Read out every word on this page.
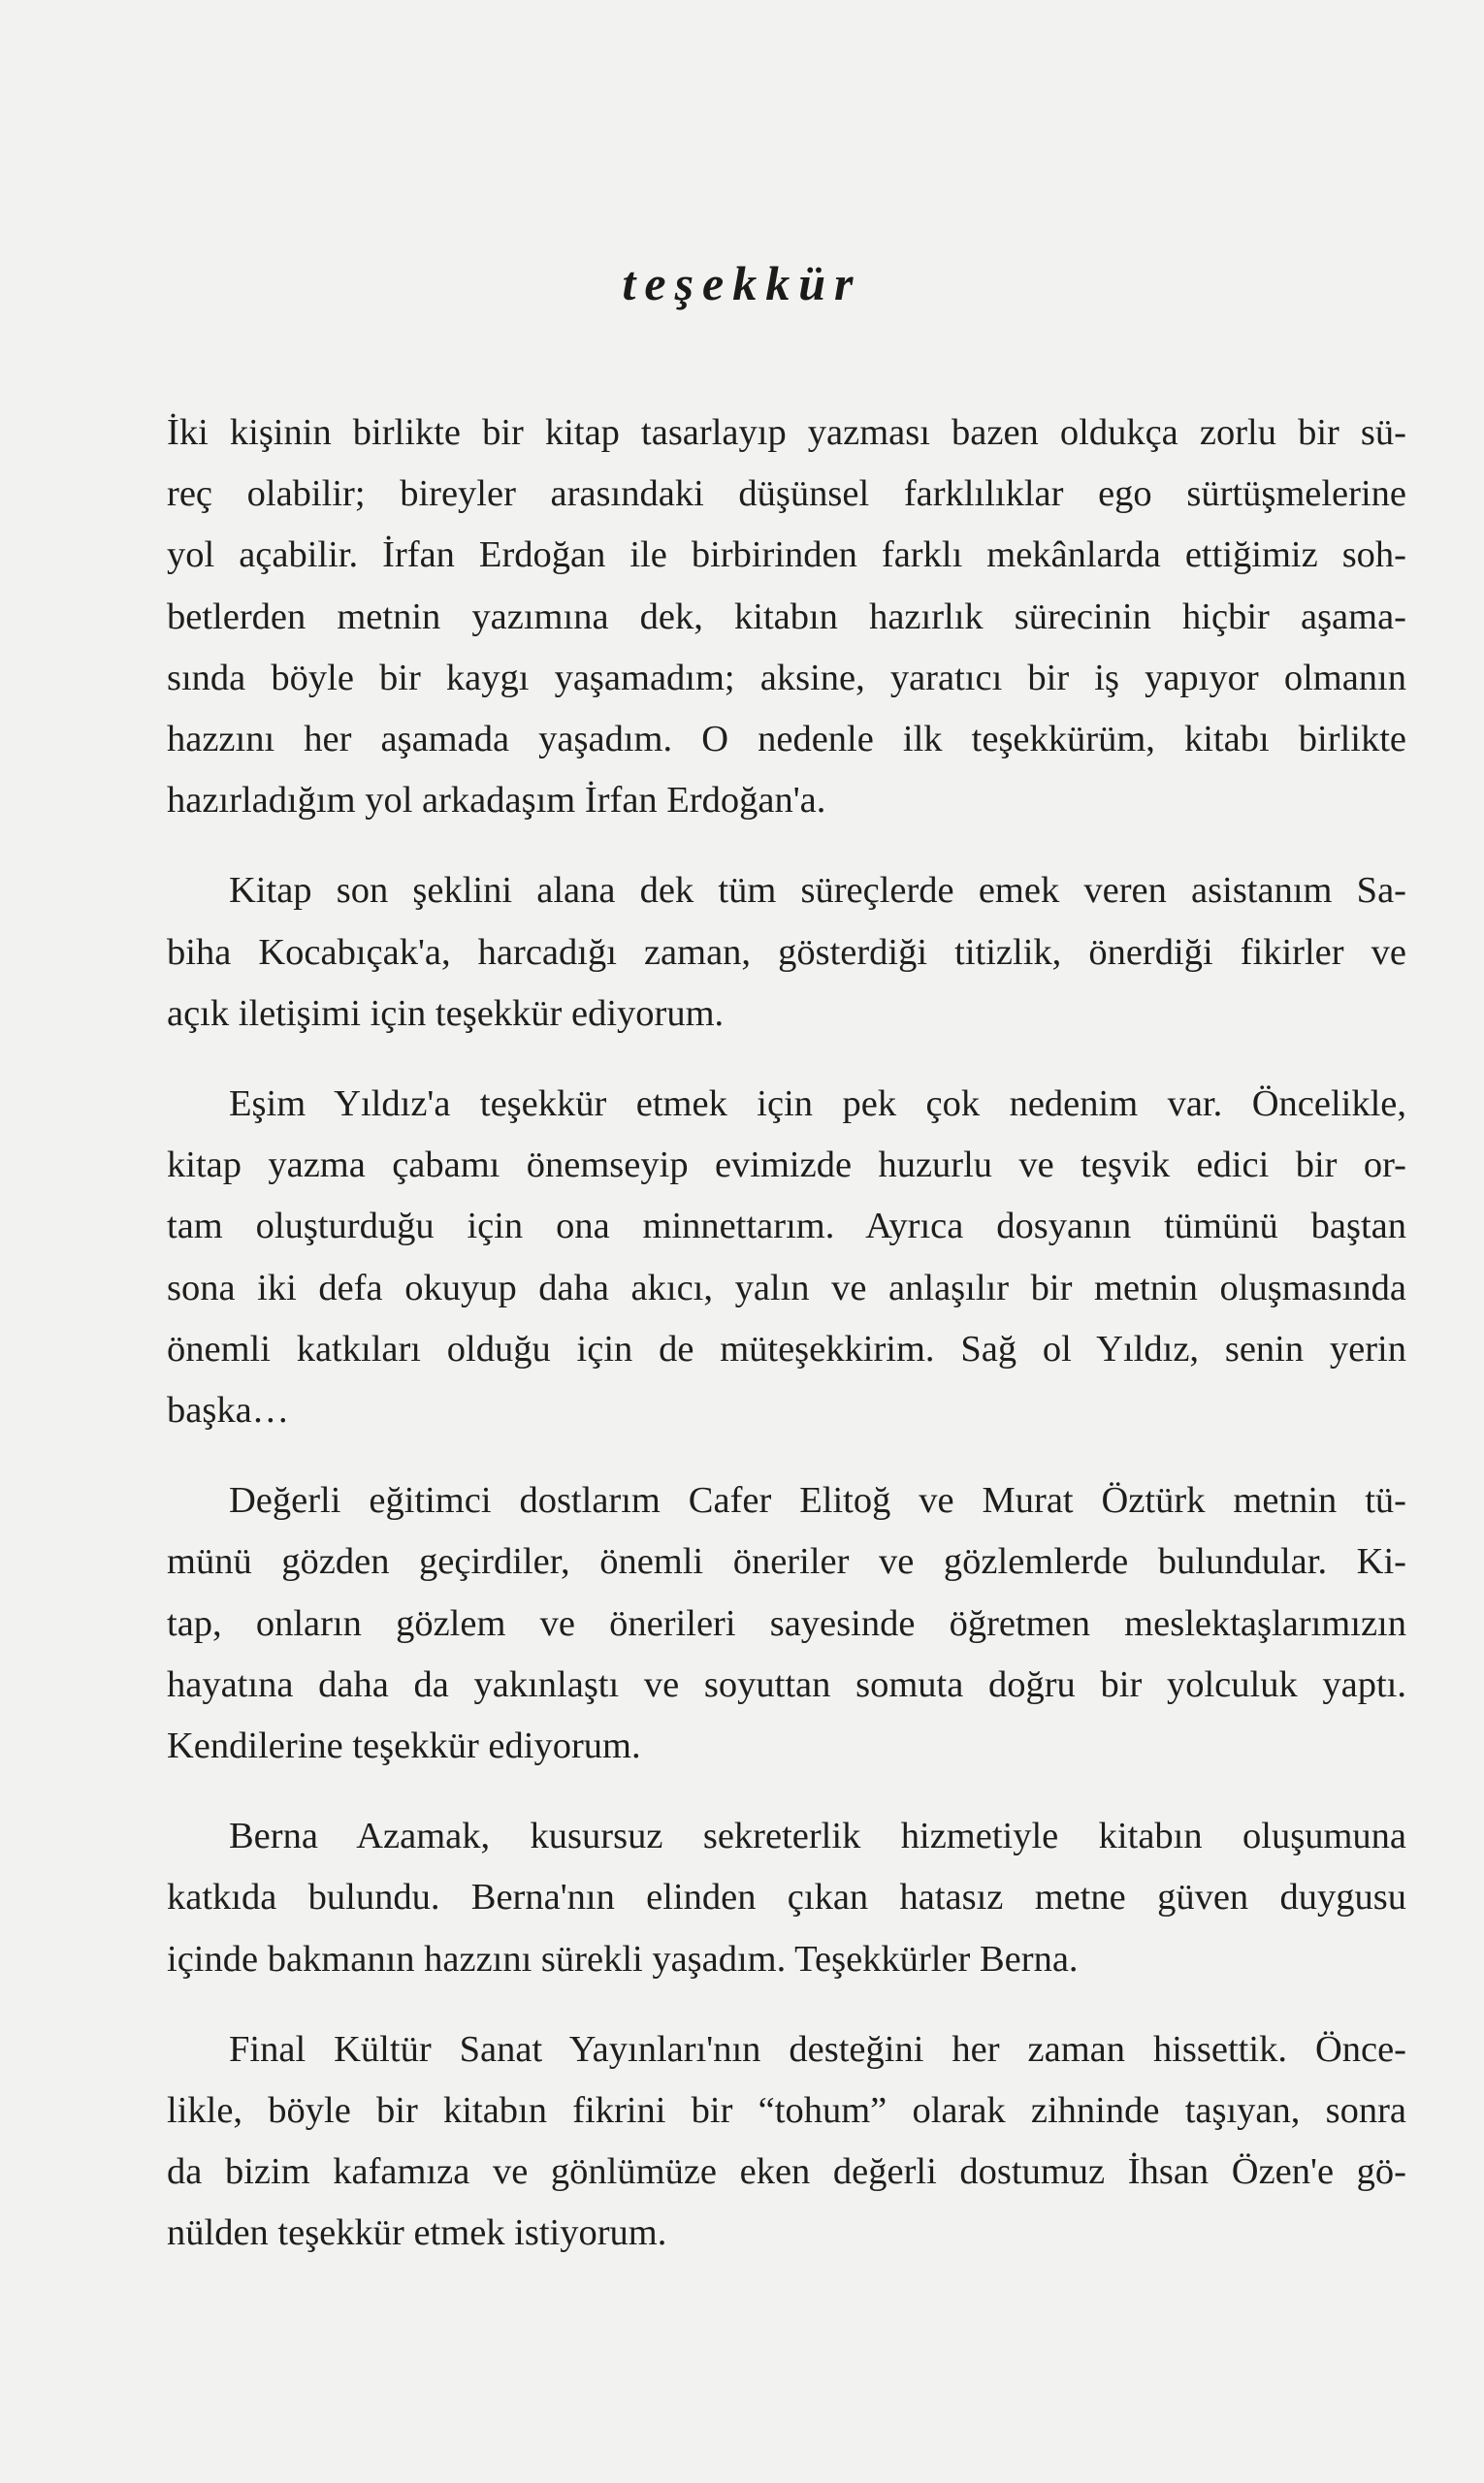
teşekkür

İki kişinin birlikte bir kitap tasarlayıp yazması bazen oldukça zorlu bir sü-
reç olabilir; bireyler arasındaki düşünsel farklılıklar ego sürtüşmelerine
yol açabilir. İrfan Erdoğan ile birbirinden farklı mekânlarda ettiğimiz soh-
betlerden metnin yazımına dek, kitabın hazırlık sürecinin hiçbir aşama-
sında böyle bir kaygı yaşamadım; aksine, yaratıcı bir iş yapıyor olmanın
hazzını her aşamada yaşadım. O nedenle ilk teşekkürüm, kitabı birlikte
hazırladığım yol arkadaşım İrfan Erdoğan'a.

Kitap son şeklini alana dek tüm süreçlerde emek veren asistanım Sa-
biha Kocabıçak'a, harcadığı zaman, gösterdiği titizlik, önerdiği fikirler ve
açık iletişimi için teşekkür ediyorum.

Eşim Yıldız'a teşekkür etmek için pek çok nedenim var. Öncelikle,
kitap yazma çabamı önemseyip evimizde huzurlu ve teşvik edici bir or-
tam oluşturduğu için ona minnettarım. Ayrıca dosyanın tümünü baştan
sona iki defa okuyup daha akıcı, yalın ve anlaşılır bir metnin oluşmasında
önemli katkıları olduğu için de müteşekkirim. Sağ ol Yıldız, senin yerin
başka…

Değerli eğitimci dostlarım Cafer Elitoğ ve Murat Öztürk metnin tü-
münü gözden geçirdiler, önemli öneriler ve gözlemlerde bulundular. Ki-
tap, onların gözlem ve önerileri sayesinde öğretmen meslektaşlarımızın
hayatına daha da yakınlaştı ve soyuttan somuta doğru bir yolculuk yaptı.
Kendilerine teşekkür ediyorum.

Berna Azamak, kusursuz sekreterlik hizmetiyle kitabın oluşumuna
katkıda bulundu. Berna'nın elinden çıkan hatasız metne güven duygusu
içinde bakmanın hazzını sürekli yaşadım. Teşekkürler Berna.

Final Kültür Sanat Yayınları'nın desteğini her zaman hissettik. Önce-
likle, böyle bir kitabın fikrini bir “tohum” olarak zihninde taşıyan, sonra
da bizim kafamıza ve gönlümüze eken değerli dostumuz İhsan Özen'e gö-
nülden teşekkür etmek istiyorum.
